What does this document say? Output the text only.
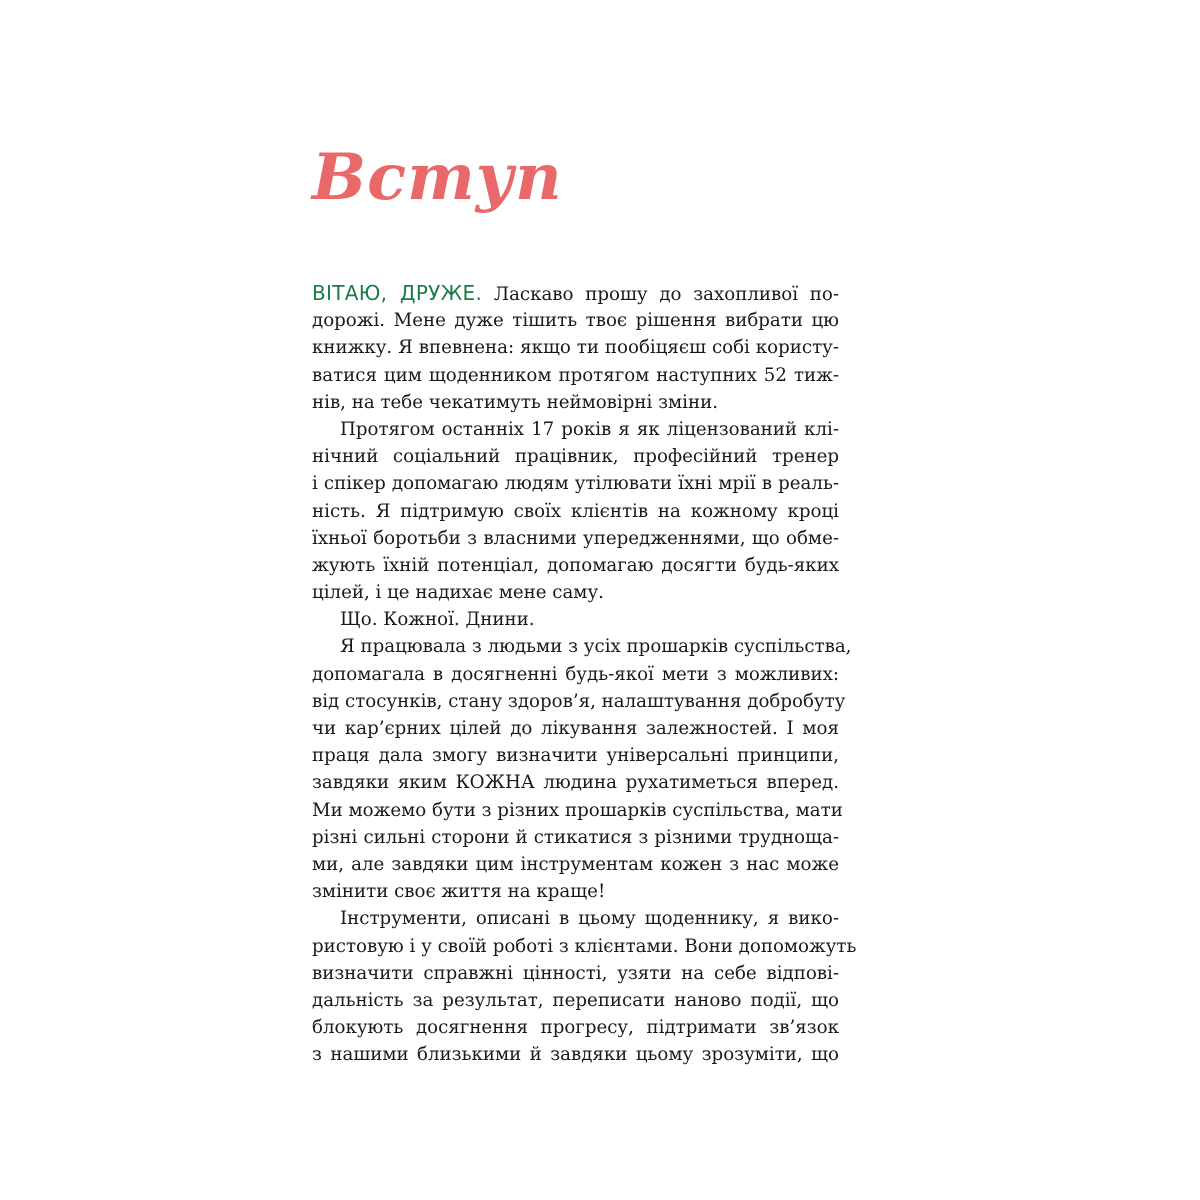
Вступ
ВІТАЮ, ДРУЖЕ. Ласкаво прошу до захопливої по-
дорожі. Мене дуже тішить твоє рішення вибрати цю
книжку. Я впевнена: якщо ти пообіцяєш собі користу-
ватися цим щоденником протягом наступних 52 тиж-
нів, на тебе чекатимуть неймовірні зміни.
Протягом останніх 17 років я як ліцензований клі-
нічний соціальний працівник, професійний тренер
і спікер допомагаю людям утілювати їхні мрії в реаль-
ність. Я підтримую своїх клієнтів на кожному кроці
їхньої боротьби з власними упередженнями, що обме-
жують їхній потенціал, допомагаю досягти будь-яких
цілей, і це надихає мене саму.
Що. Кожної. Днини.
Я працювала з людьми з усіх прошарків суспільства,
допомагала в досягненні будь-якої мети з можливих:
від стосунків, стану здоров’я, налаштування добробуту
чи кар’єрних цілей до лікування залежностей. І моя
праця дала змогу визначити універсальні принципи,
завдяки яким КОЖНА людина рухатиметься вперед.
Ми можемо бути з різних прошарків суспільства, мати
різні сильні сторони й стикатися з різними труднoща-
ми, але завдяки цим інструментам кожен з нас може
змінити своє життя на краще!
Інструменти, описані в цьому щоденнику, я вико-
ристовую і у своїй роботі з клієнтами. Вони допоможуть
визначити справжні цінності, узяти на себе відпові-
дальність за результат, переписати наново події, що
блокують досягнення прогресу, підтримати зв’язок
з нашими близькими й завдяки цьому зрозуміти, що
